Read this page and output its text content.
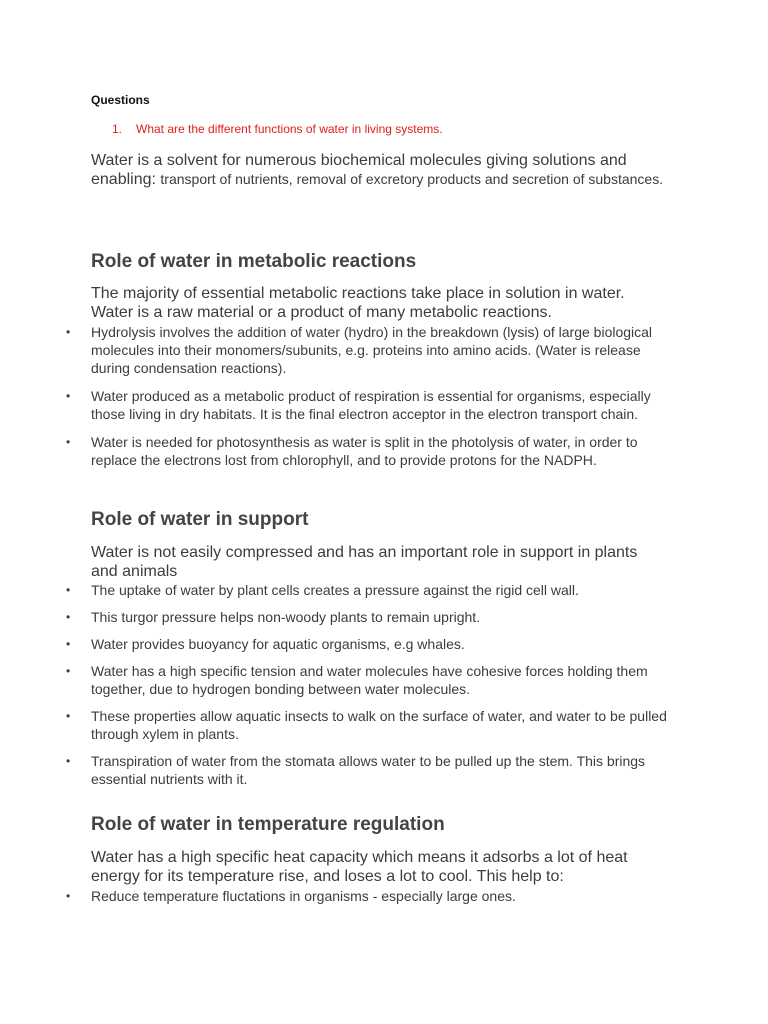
Questions
1. What are the different functions of water in living systems.
Water is a solvent for numerous biochemical molecules giving solutions and enabling: transport of nutrients, removal of excretory products and secretion of substances.
Role of water in metabolic reactions
The majority of essential metabolic reactions take place in solution in water. Water is a raw material or a product of many metabolic reactions.
• Hydrolysis involves the addition of water (hydro) in the breakdown (lysis) of large biological molecules into their monomers/subunits, e.g. proteins into amino acids. (Water is release during condensation reactions).
• Water produced as a metabolic product of respiration is essential for organisms, especially those living in dry habitats. It is the final electron acceptor in the electron transport chain.
• Water is needed for photosynthesis as water is split in the photolysis of water, in order to replace the electrons lost from chlorophyll, and to provide protons for the NADPH.
Role of water in support
Water is not easily compressed and has an important role in support in plants and animals
• The uptake of water by plant cells creates a pressure against the rigid cell wall.
• This turgor pressure helps non-woody plants to remain upright.
• Water provides buoyancy for aquatic organisms, e.g whales.
• Water has a high specific tension and water molecules have cohesive forces holding them together, due to hydrogen bonding between water molecules.
• These properties allow aquatic insects to walk on the surface of water, and water to be pulled through xylem in plants.
• Transpiration of water from the stomata allows water to be pulled up the stem. This brings essential nutrients with it.
Role of water in temperature regulation
Water has a high specific heat capacity which means it adsorbs a lot of heat energy for its temperature rise, and loses a lot to cool. This help to:
• Reduce temperature fluctations in organisms - especially large ones.
